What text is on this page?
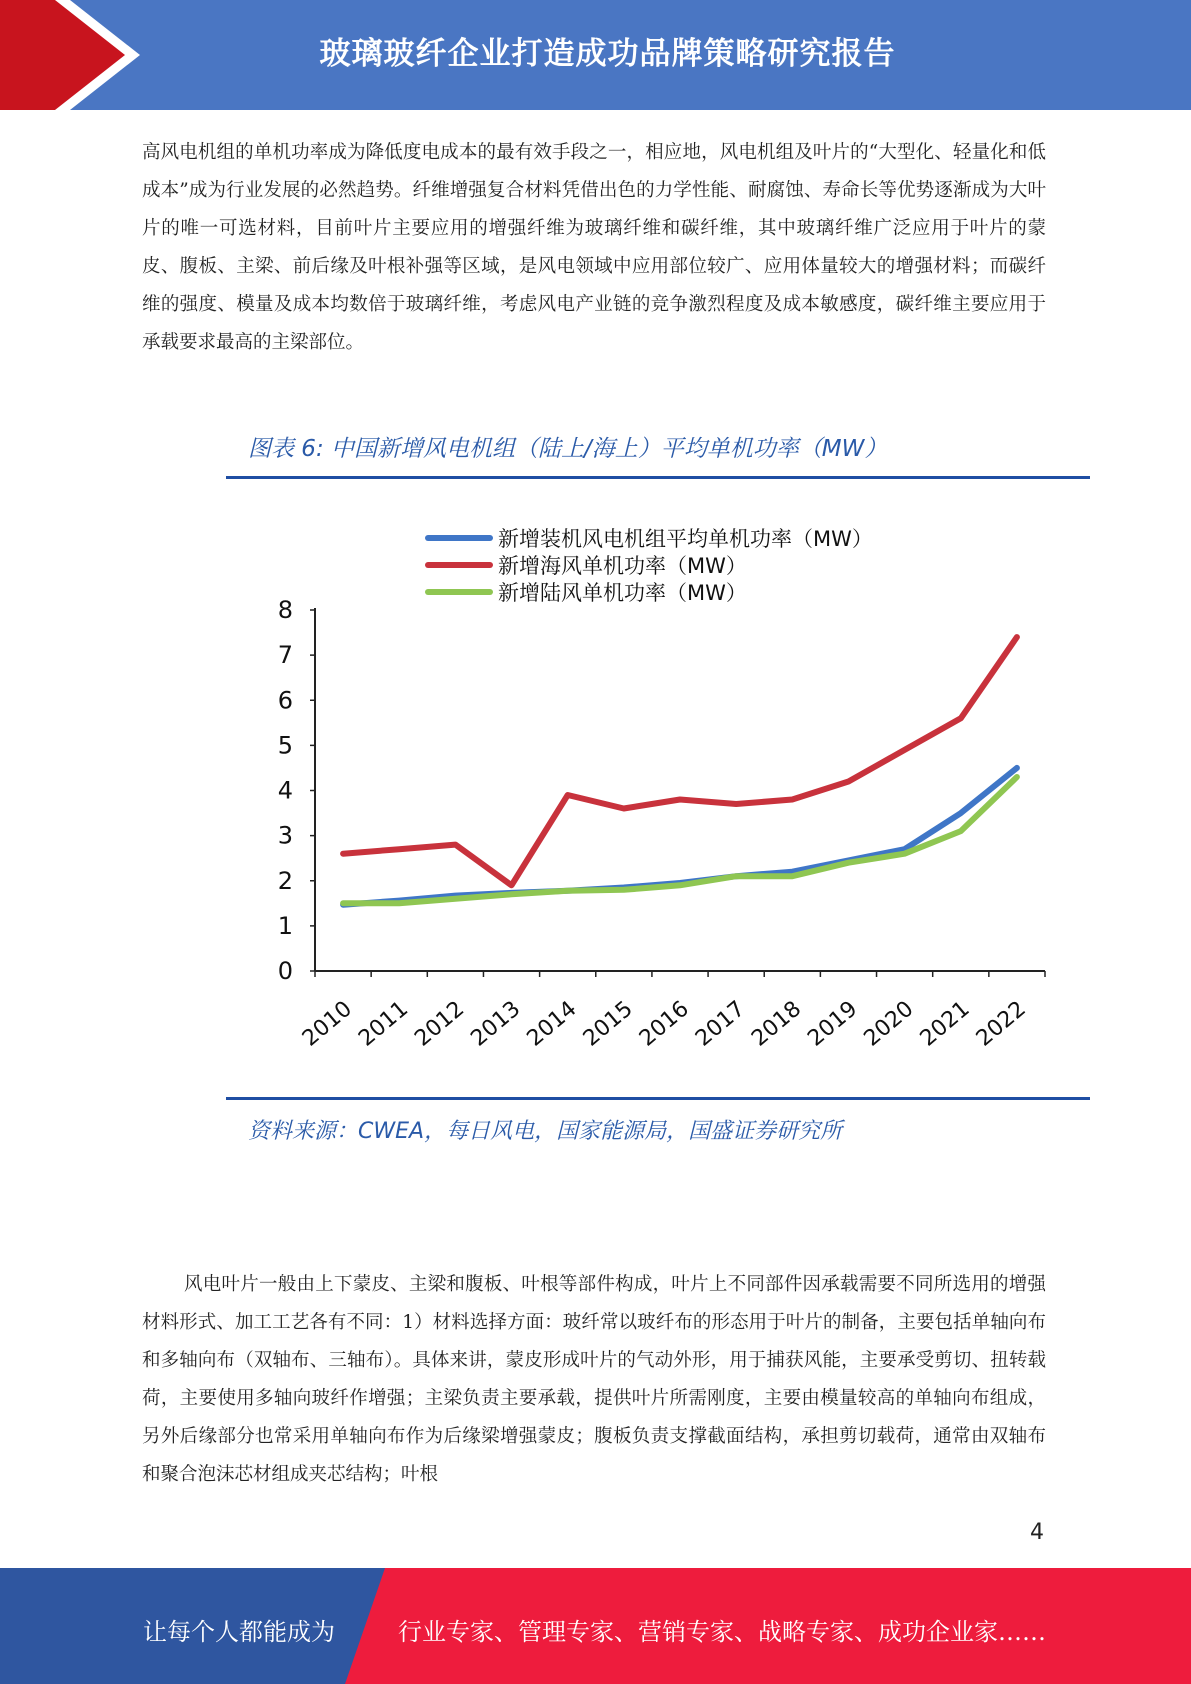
玻璃玻纤企业打造成功品牌策略研究报告

高风电机组的单机功率成为降低度电成本的最有效手段之一，相应地，风电机组及叶片的“大型化、轻量化和低成本”成为行业发展的必然趋势。纤维增强复合材料凭借出色的力学性能、耐腐蚀、寿命长等优势逐渐成为大叶片的唯一可选材料，目前叶片主要应用的增强纤维为玻璃纤维和碳纤维，其中玻璃纤维广泛应用于叶片的蒙皮、腹板、主梁、前后缘及叶根补强等区域，是风电领域中应用部位较广、应用体量较大的增强材料；而碳纤维的强度、模量及成本均数倍于玻璃纤维，考虑风电产业链的竞争激烈程度及成本敏感度，碳纤维主要应用于承载要求最高的主梁部位。

图表 6: 中国新增风电机组（陆上/海上）平均单机功率（MW）
0
1
2
3
4
5
6
7
8
2010
2011
2012
2013
2014
2015
2016
2017
2018
2019
2020
2021
2022
新增装机风电机组平均单机功率（MW）
新增海风单机功率（MW）
新增陆风单机功率（MW）
资料来源：CWEA，每日风电，国家能源局，国盛证券研究所

风电叶片一般由上下蒙皮、主梁和腹板、叶根等部件构成，叶片上不同部件因承载需要不同所选用的增强材料形式、加工工艺各有不同：1）材料选择方面：玻纤常以玻纤布的形态用于叶片的制备，主要包括单轴向布和多轴向布（双轴布、三轴布）。具体来讲，蒙皮形成叶片的气动外形，用于捕获风能，主要承受剪切、扭转载荷，主要使用多轴向玻纤作增强；主梁负责主要承载，提供叶片所需刚度，主要由模量较高的单轴向布组成，另外后缘部分也常采用单轴向布作为后缘梁增强蒙皮；腹板负责支撑截面结构，承担剪切载荷，通常由双轴布和聚合泡沫芯材组成夹芯结构；叶根

4
让每个人都能成为	行业专家、管理专家、营销专家、战略专家、成功企业家……
